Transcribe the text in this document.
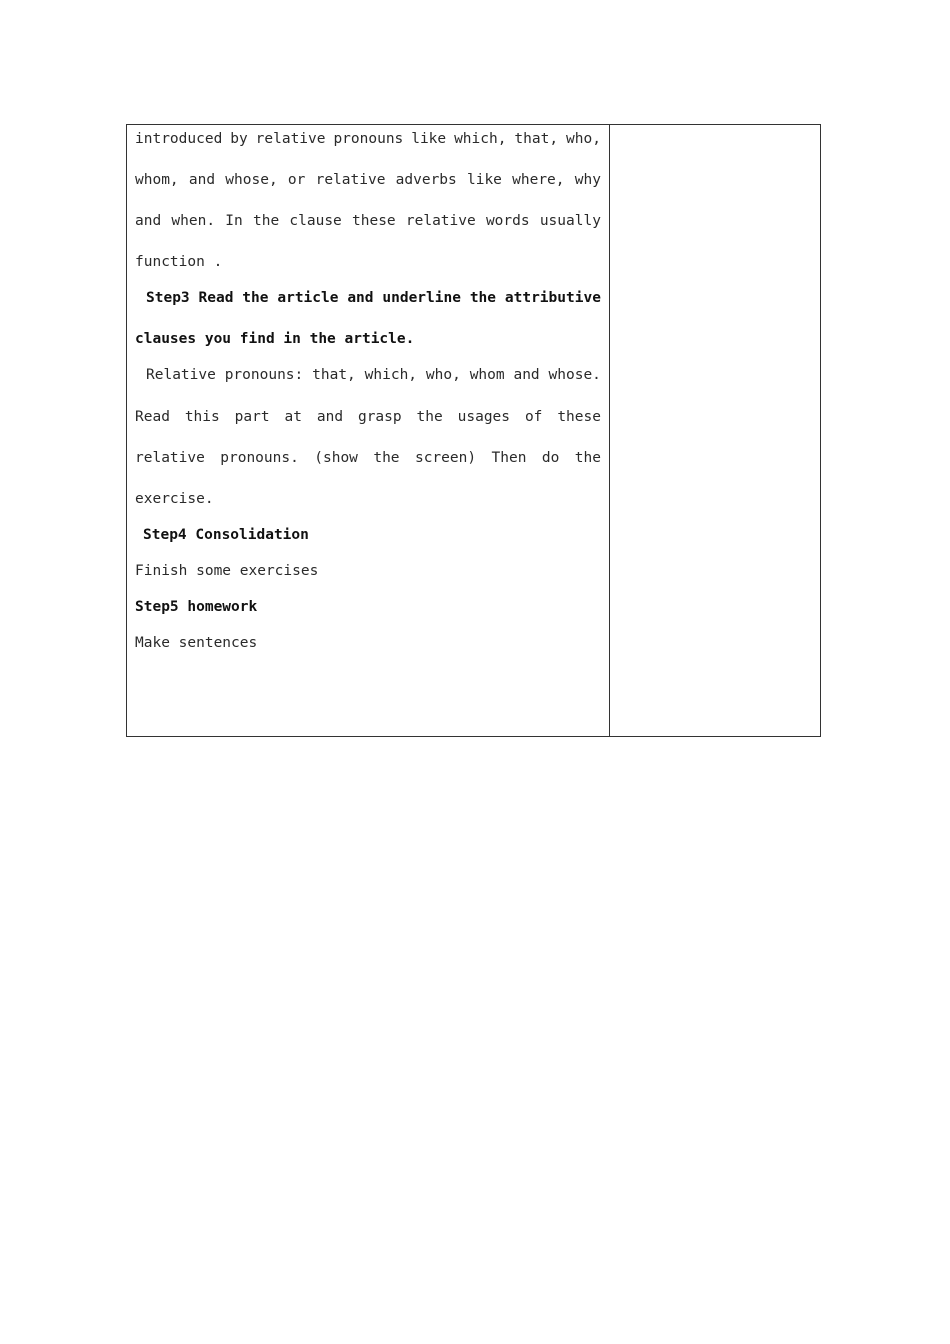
introduced by relative pronouns like which, that, who,
whom, and whose, or relative adverbs like where, why
and when. In the clause these relative words usually
function .
Step3 Read the article and underline the attributive
clauses you find in the article.
Relative pronouns: that, which, who, whom and whose.
Read this part at and grasp the usages of these
relative pronouns. (show the screen) Then do the
exercise.
Step4 Consolidation
Finish some exercises
Step5 homework
Make sentences
